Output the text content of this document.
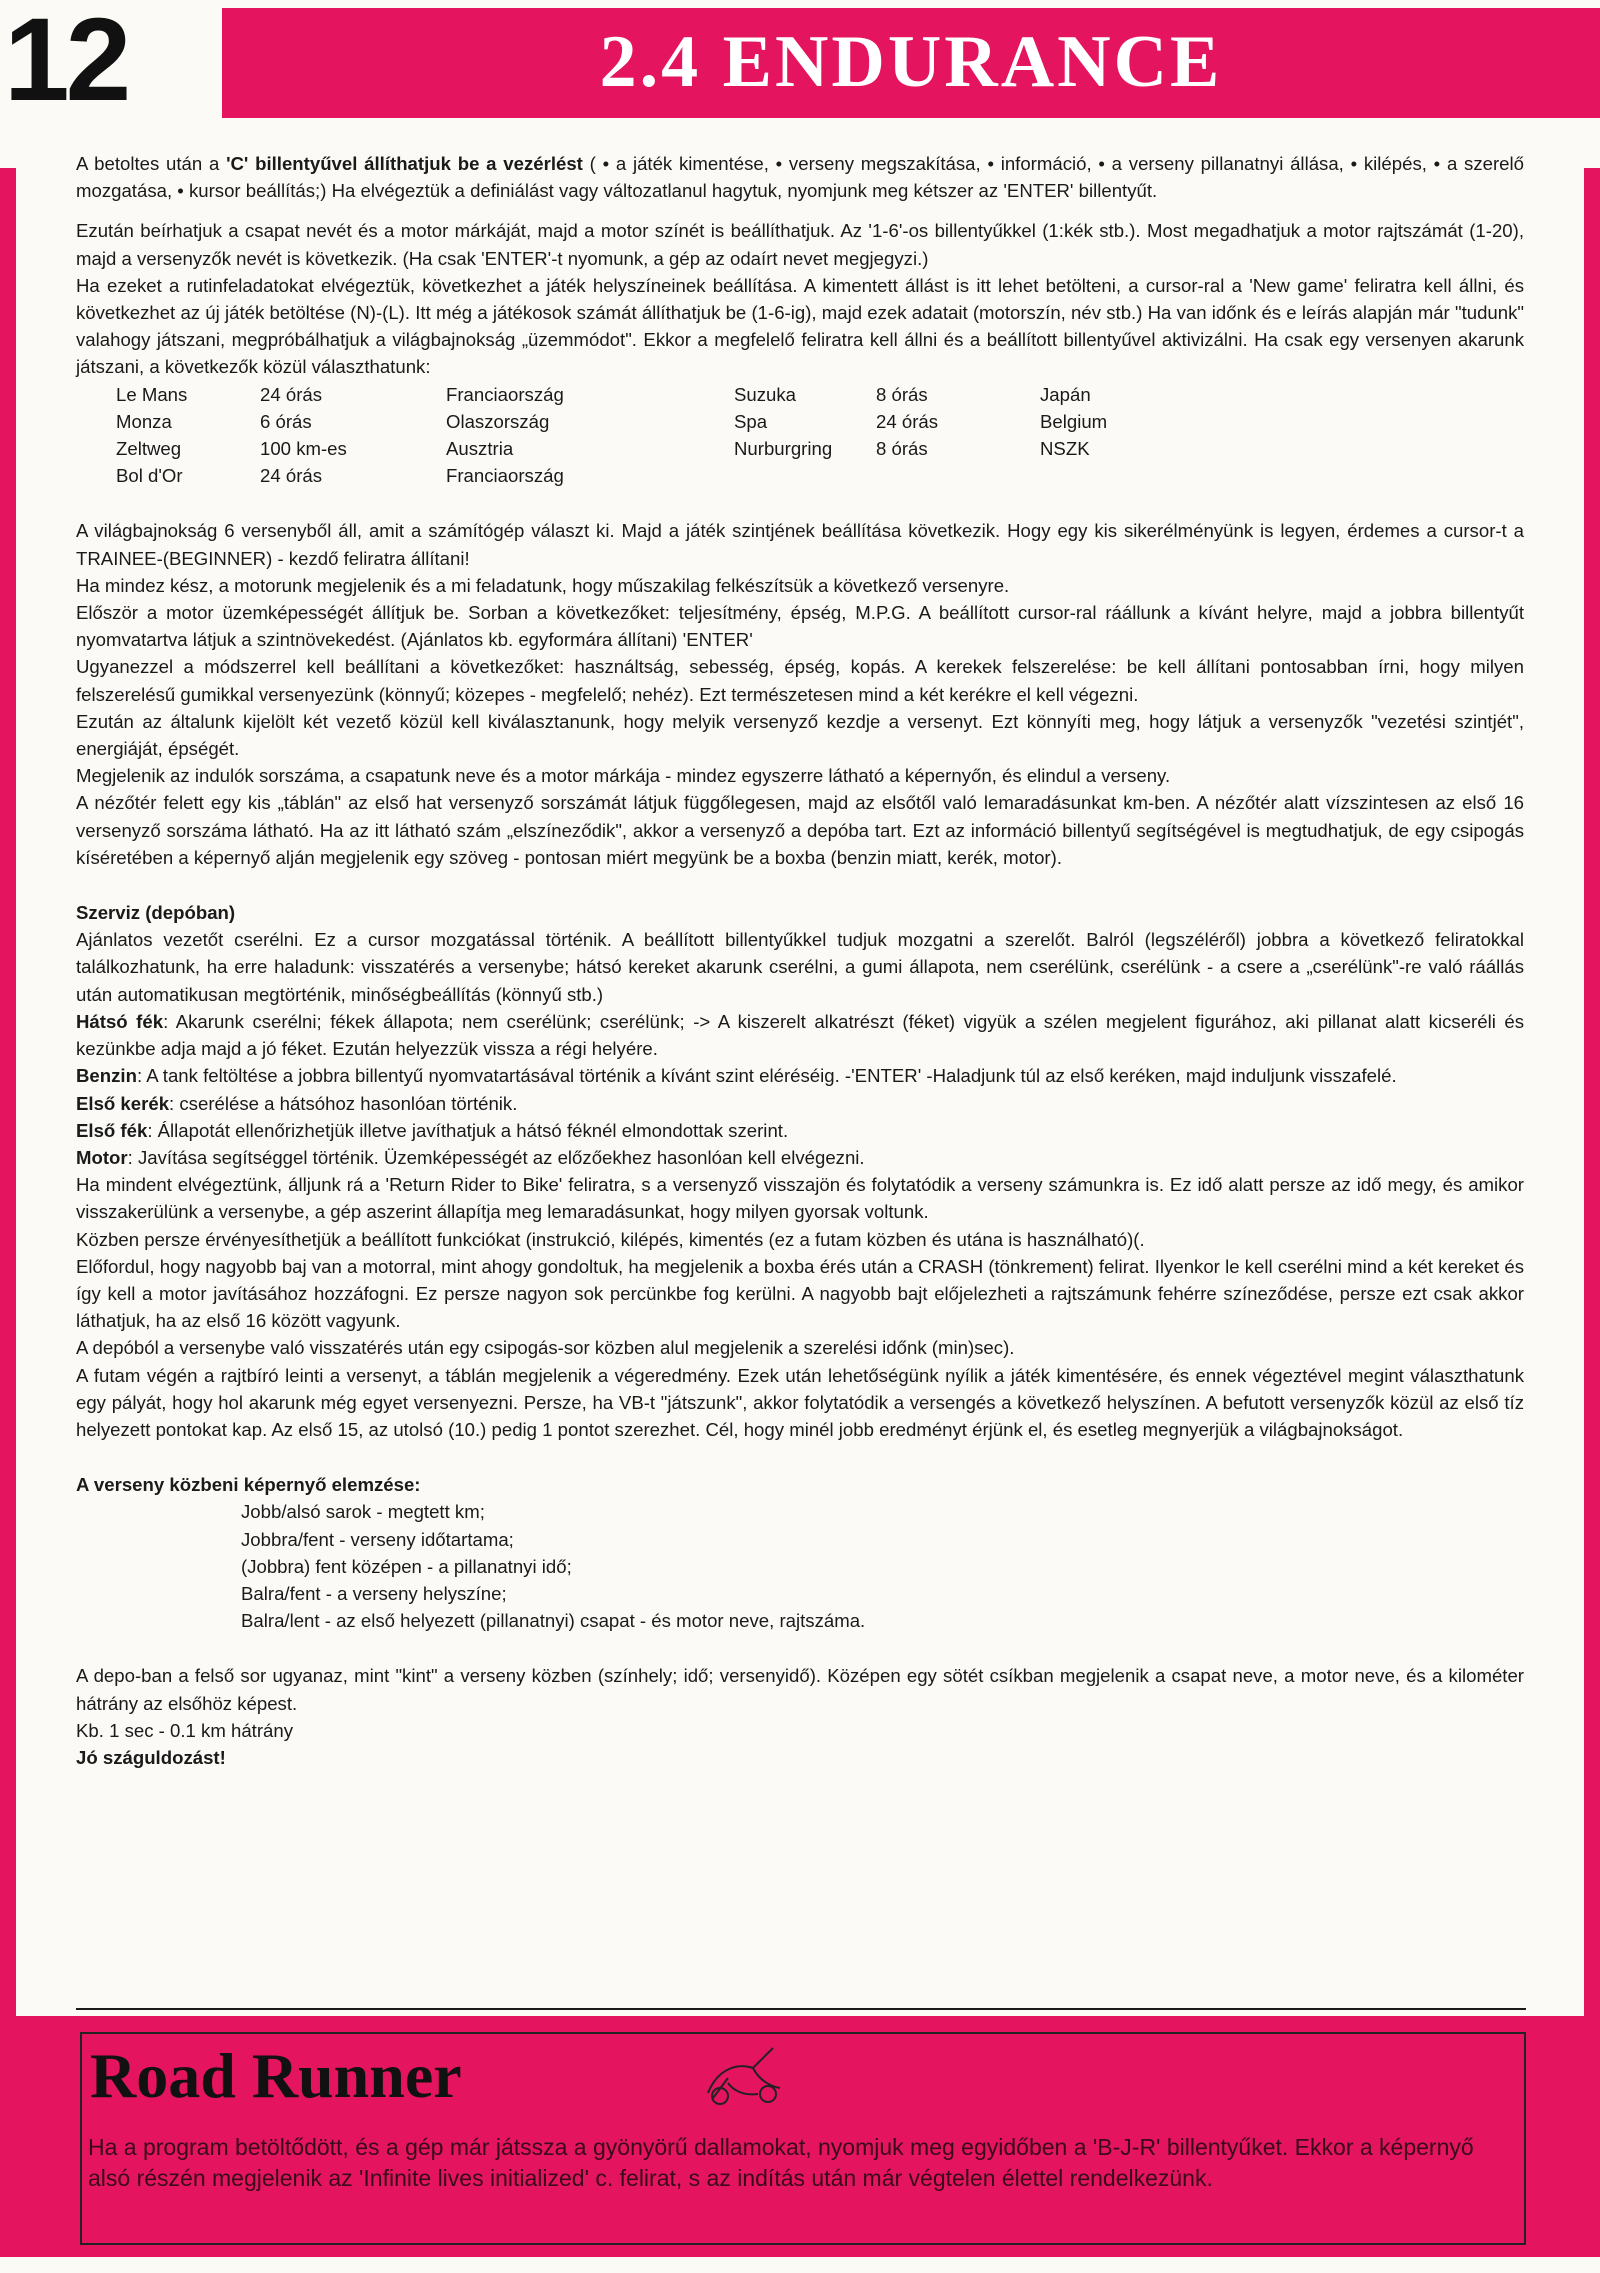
12	2.4 ENDURANCE

A betoltes után a 'C' billentyűvel állíthatjuk be a vezérlést ( • a játék kimentése, • verseny megszakítása, • információ, • a verseny pillanatnyi állása, • kilépés, • a szerelő mozgatása, • kursor beállítás;) Ha elvégeztük a definiálást vagy változatlanul hagytuk, nyomjunk meg kétszer az 'ENTER' billentyűt.

Ezután beírhatjuk a csapat nevét és a motor márkáját, majd a motor színét is beállíthatjuk. Az '1-6'-os billentyűkkel (1:kék stb.). Most megadhatjuk a motor rajtszámát (1-20), majd a versenyzők nevét is következik. (Ha csak 'ENTER'-t nyomunk, a gép az odaírt nevet megjegyzi.)

Ha ezeket a rutinfeladatokat elvégeztük, következhet a játék helyszíneinek beállítása. A kimentett állást is itt lehet betölteni, a cursor-ral a 'New game' feliratra kell állni, és következhet az új játék betöltése (N)-(L). Itt még a játékosok számát állíthatjuk be (1-6-ig), majd ezek adatait (motorszín, név stb.) Ha van időnk és e leírás alapján már "tudunk" valahogy játszani, megpróbálhatjuk a világbajnokság „üzemmódot". Ekkor a megfelelő feliratra kell állni és a beállított billentyűvel aktivizálni. Ha csak egy versenyen akarunk játszani, a következők közül választhatunk:

Le Mans	24 órás	Franciaország	Suzuka	8 órás	Japán
Monza	6 órás	Olaszország	Spa	24 órás	Belgium
Zeltweg	100 km-es	Ausztria	Nurburgring	8 órás	NSZK
Bol d'Or	24 órás	Franciaország			

A világbajnokság 6 versenyből áll, amit a számítógép választ ki. Majd a játék szintjének beállítása következik. Hogy egy kis sikerélményünk is legyen, érdemes a cursor-t a TRAINEE-(BEGINNER) - kezdő feliratra állítani!

Ha mindez kész, a motorunk megjelenik és a mi feladatunk, hogy műszakilag felkészítsük a következő versenyre.

Először a motor üzemképességét állítjuk be. Sorban a következőket: teljesítmény, épség, M.P.G. A beállított cursor-ral ráállunk a kívánt helyre, majd a jobbra billentyűt nyomvatartva látjuk a szintnövekedést. (Ajánlatos kb. egyformára állítani) 'ENTER'

Ugyanezzel a módszerrel kell beállítani a következőket: használtság, sebesség, épség, kopás. A kerekek felszerelése: be kell állítani pontosabban írni, hogy milyen felszerelésű gumikkal versenyezünk (könnyű; közepes - megfelelő; nehéz). Ezt természetesen mind a két kerékre el kell végezni.

Ezután az általunk kijelölt két vezető közül kell kiválasztanunk, hogy melyik versenyző kezdje a versenyt. Ezt könnyíti meg, hogy látjuk a versenyzők "vezetési szintjét", energiáját, épségét.

Megjelenik az indulók sorszáma, a csapatunk neve és a motor márkája - mindez egyszerre látható a képernyőn, és elindul a verseny.

A nézőtér felett egy kis „táblán" az első hat versenyző sorszámát látjuk függőlegesen, majd az elsőtől való lemaradásunkat km-ben. A nézőtér alatt vízszintesen az első 16 versenyző sorszáma látható. Ha az itt látható szám „elszíneződik", akkor a versenyző a depóba tart. Ezt az információ billentyű segítségével is megtudhatjuk, de egy csipogás kíséretében a képernyő alján megjelenik egy szöveg - pontosan miért megyünk be a boxba (benzin miatt, kerék, motor).

Szerviz (depóban)

Ajánlatos vezetőt cserélni. Ez a cursor mozgatással történik. A beállított billentyűkkel tudjuk mozgatni a szerelőt. Balról (legszéléről) jobbra a következő feliratokkal találkozhatunk, ha erre haladunk: visszatérés a versenybe; hátsó kereket akarunk cserélni, a gumi állapota, nem cserélünk, cserélünk - a csere a „cserélünk"-re való ráállás után automatikusan megtörténik, minőségbeállítás (könnyű stb.)

Hátsó fék: Akarunk cserélni; fékek állapota; nem cserélünk; cserélünk; -> A kiszerelt alkatrészt (féket) vigyük a szélen megjelent figurához, aki pillanat alatt kicseréli és kezünkbe adja majd a jó féket. Ezután helyezzük vissza a régi helyére.

Benzin: A tank feltöltése a jobbra billentyű nyomvatartásával történik a kívánt szint eléréséig. -'ENTER' -Haladjunk túl az első keréken, majd induljunk visszafelé.

Első kerék: cserélése a hátsóhoz hasonlóan történik.

Első fék: Állapotát ellenőrizhetjük illetve javíthatjuk a hátsó féknél elmondottak szerint.

Motor: Javítása segítséggel történik. Üzemképességét az előzőekhez hasonlóan kell elvégezni.

Ha mindent elvégeztünk, álljunk rá a 'Return Rider to Bike' feliratra, s a versenyző visszajön és folytatódik a verseny számunkra is. Ez idő alatt persze az idő megy, és amikor visszakerülünk a versenybe, a gép aszerint állapítja meg lemaradásunkat, hogy milyen gyorsak voltunk.

Közben persze érvényesíthetjük a beállított funkciókat (instrukció, kilépés, kimentés (ez a futam közben és utána is használható)(.

Előfordul, hogy nagyobb baj van a motorral, mint ahogy gondoltuk, ha megjelenik a boxba érés után a CRASH (tönkrement) felirat. Ilyenkor le kell cserélni mind a két kereket és így kell a motor javításához hozzáfogni. Ez persze nagyon sok percünkbe fog kerülni. A nagyobb bajt előjelezheti a rajtszámunk fehérre színeződése, persze ezt csak akkor láthatjuk, ha az első 16 között vagyunk.

A depóból a versenybe való visszatérés után egy csipogás-sor közben alul megjelenik a szerelési időnk (min)sec).

A futam végén a rajtbíró leinti a versenyt, a táblán megjelenik a végeredmény. Ezek után lehetőségünk nyílik a játék kimentésére, és ennek végeztével megint választhatunk egy pályát, hogy hol akarunk még egyet versenyezni. Persze, ha VB-t "játszunk", akkor folytatódik a versengés a következő helyszínen. A befutott versenyzők közül az első tíz helyezett pontokat kap. Az első 15, az utolsó (10.) pedig 1 pontot szerezhet. Cél, hogy minél jobb eredményt érjünk el, és esetleg megnyerjük a világbajnokságot.

A verseny közbeni képernyő elemzése:

Jobb/alsó sarok - megtett km;
Jobbra/fent - verseny időtartama;
(Jobbra) fent középen - a pillanatnyi idő;
Balra/fent - a verseny helyszíne;
Balra/lent - az első helyezett (pillanatnyi) csapat - és motor neve, rajtszáma.

A depo-ban a felső sor ugyanaz, mint "kint" a verseny közben (színhely; idő; versenyidő). Középen egy sötét csíkban megjelenik a csapat neve, a motor neve, és a kilométer hátrány az elsőhöz képest.

Kb. 1 sec - 0.1 km hátrány

Jó száguldozást!

Road Runner
Ha a program betöltődött, és a gép már játssza a gyönyörű dallamokat, nyomjuk meg egyidőben a 'B-J-R' billentyűket. Ekkor a képernyő alsó részén megjelenik az 'Infinite lives initialized' c. felirat, s az indítás után már végtelen élettel rendelkezünk.
